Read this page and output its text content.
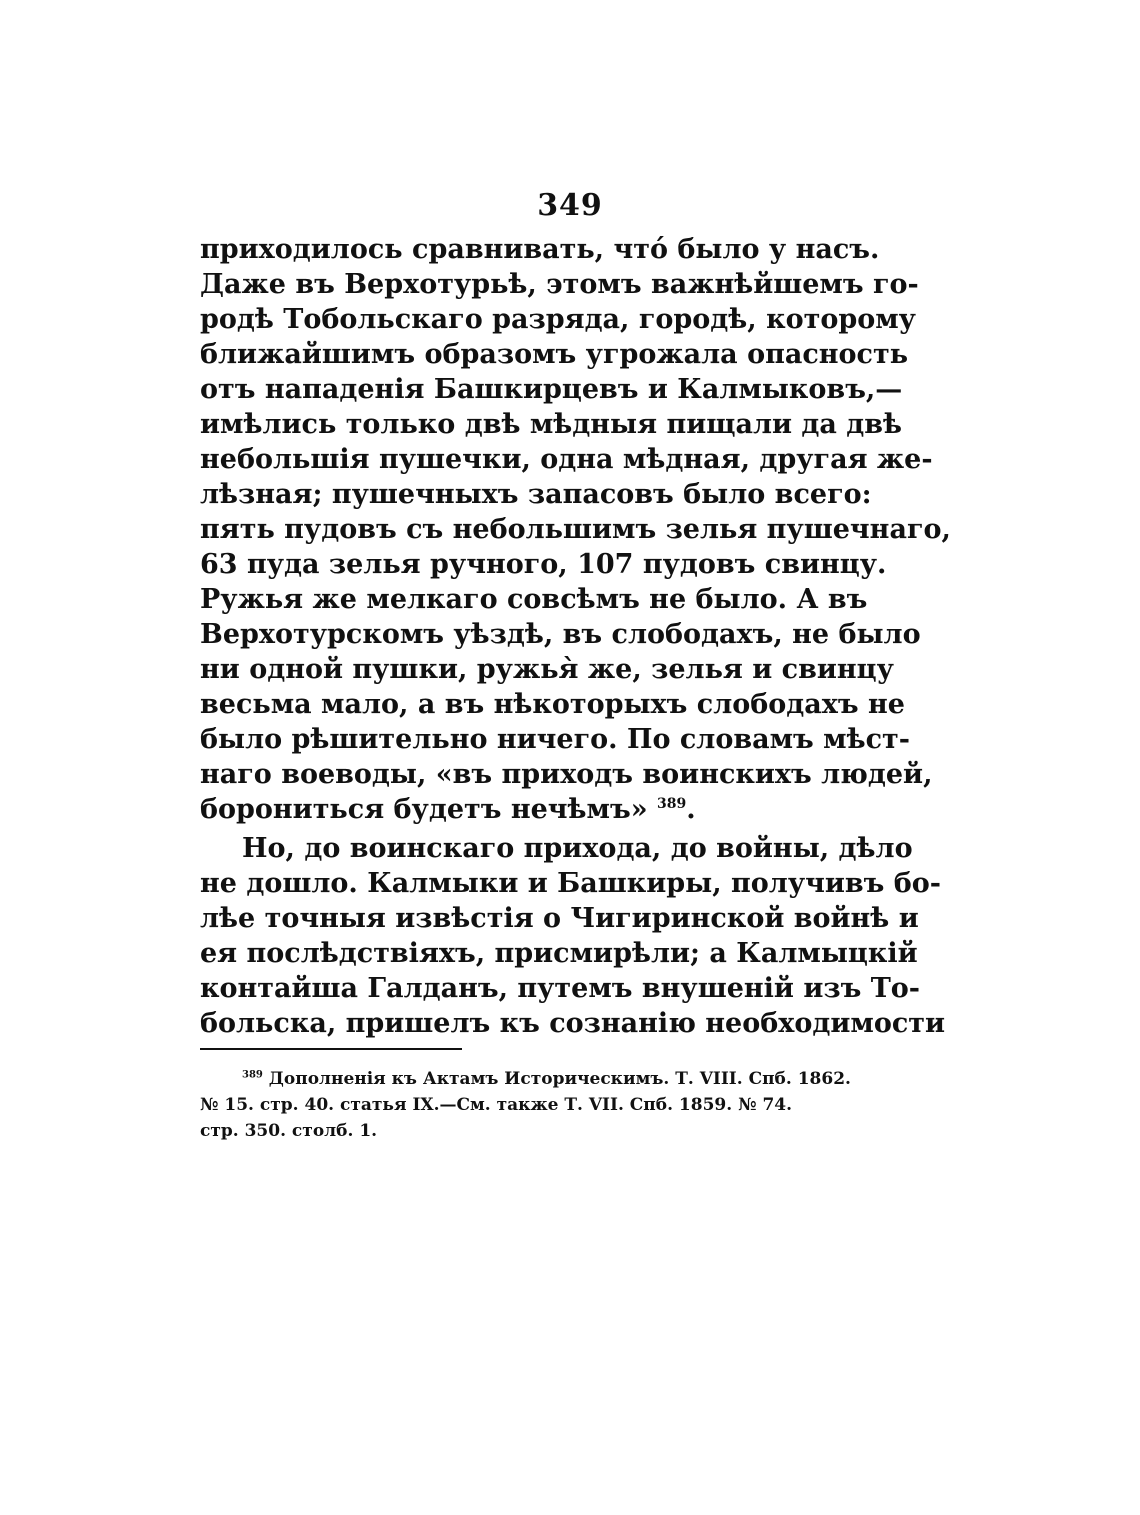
349
приходилось сравнивать, что́ было у насъ.
Даже въ Верхотурьѣ, этомъ важнѣйшемъ го-
родѣ Тобольскаго разряда, городѣ, которому
ближайшимъ образомъ угрожала опасность
отъ нападенія Башкирцевъ и Калмыковъ,—
имѣлись только двѣ мѣдныя пищали да двѣ
небольшія пушечки, одна мѣдная, другая же-
лѣзная; пушечныхъ запасовъ было всего:
пять пудовъ съ небольшимъ зелья пушечнаго,
63 пуда зелья ручного, 107 пудовъ свинцу.
Ружья же мелкаго совсѣмъ не было. А въ
Верхотурскомъ уѣздѣ, въ слободахъ, не было
ни одной пушки, ружья̀ же, зелья и свинцу
весьма мало, а въ нѣкоторыхъ слободахъ не
было рѣшительно ничего. По словамъ мѣст-
наго воеводы, «въ приходъ воинскихъ людей,
борониться будетъ нечѣмъ» $^{389}$.
Но, до воинскаго прихода, до войны, дѣло
не дошло. Калмыки и Башкиры, получивъ бо-
лѣе точныя извѣстія о Чигиринской войнѣ и
ея послѣдствіяхъ, присмирѣли; а Калмыцкій
контайша Галданъ, путемъ внушеній изъ То-
больска, пришелъ къ сознанію необходимости
$^{389}$ Дополненія къ Актамъ Историческимъ. Т. VIII. Спб. 1862.
№ 15. стр. 40. статья IX.—См. также Т. VII. Спб. 1859. № 74.
стр. 350. столб. 1.
